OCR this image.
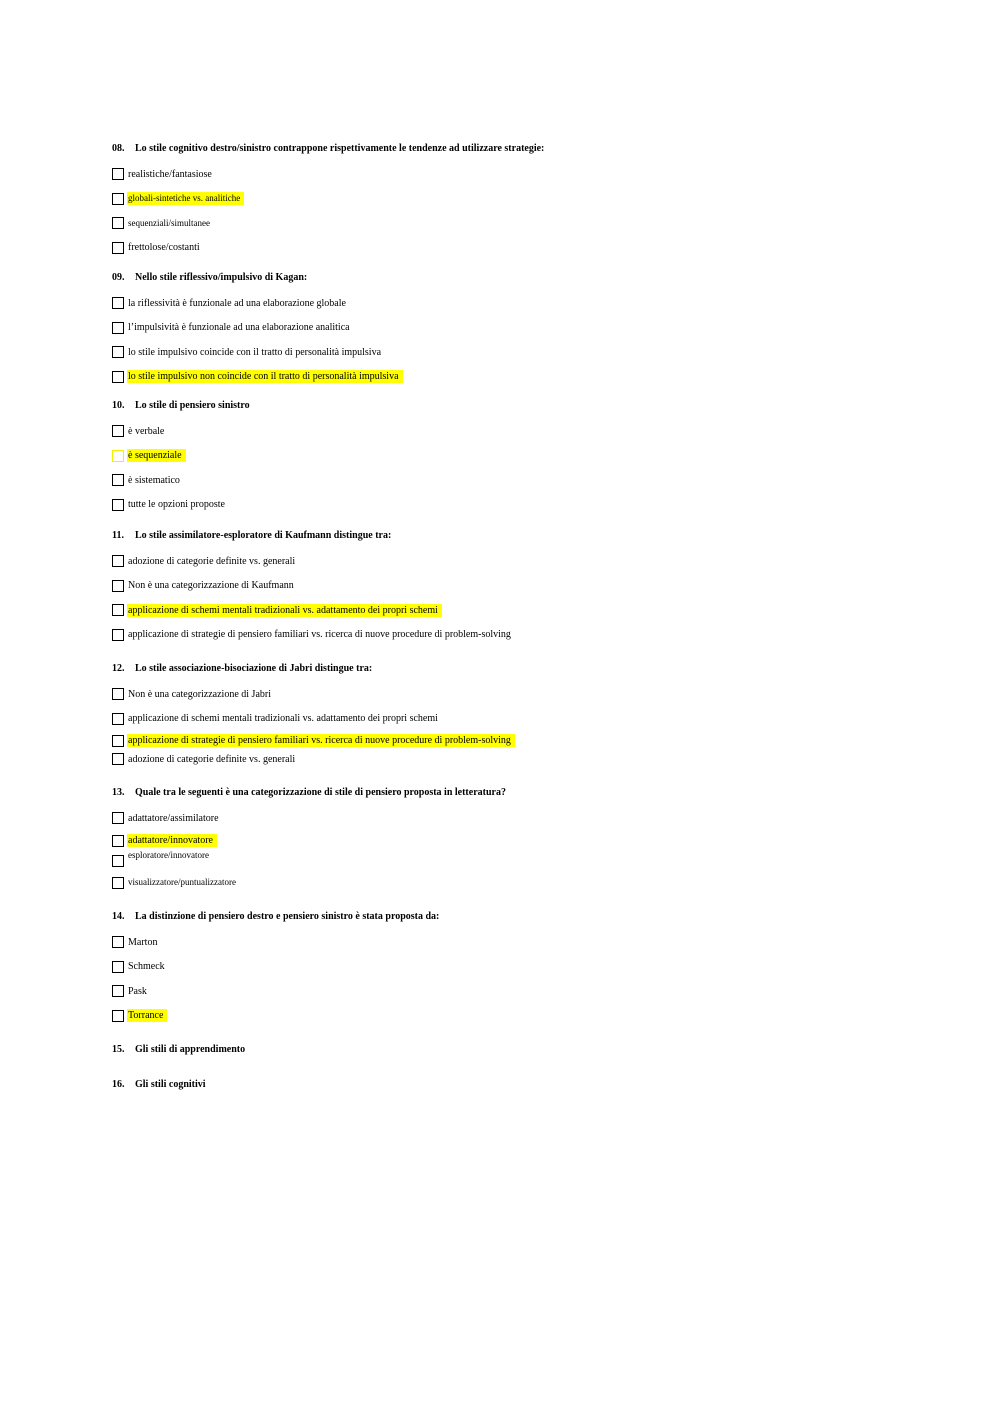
08. Lo stile cognitivo destro/sinistro contrappone rispettivamente le tendenze ad utilizzare strategie:
realistiche/fantasiose
globali-sintetiche vs. analitiche
sequenziali/simultanee
frettolose/costanti
09. Nello stile riflessivo/impulsivo di Kagan:
la riflessività è funzionale ad una elaborazione globale
l’impulsività è funzionale ad una elaborazione analitica
lo stile impulsivo coincide con il tratto di personalità impulsiva
lo stile impulsivo non coincide con il tratto di personalità impulsiva
10. Lo stile di pensiero sinistro
è verbale
è sequenziale
è sistematico
tutte le opzioni proposte
11. Lo stile assimilatore-esploratore di Kaufmann distingue tra:
adozione di categorie definite vs. generali
Non è una categorizzazione di Kaufmann
applicazione di schemi mentali tradizionali vs. adattamento dei propri schemi
applicazione di strategie di pensiero familiari vs. ricerca di nuove procedure di problem-solving
12. Lo stile associazione-bisociazione di Jabri distingue tra:
Non è una categorizzazione di Jabri
applicazione di schemi mentali tradizionali vs. adattamento dei propri schemi
applicazione di strategie di pensiero familiari vs. ricerca di nuove procedure di problem-solving
adozione di categorie definite vs. generali
13. Quale tra le seguenti è una categorizzazione di stile di pensiero proposta in letteratura?
adattatore/assimilatore
adattatore/innovatore
esploratore/innovatore
visualizzatore/puntualizzatore
14. La distinzione di pensiero destro e pensiero sinistro è stata proposta da:
Marton
Schmeck
Pask
Torrance
15. Gli stili di apprendimento
16. Gli stili cognitivi
